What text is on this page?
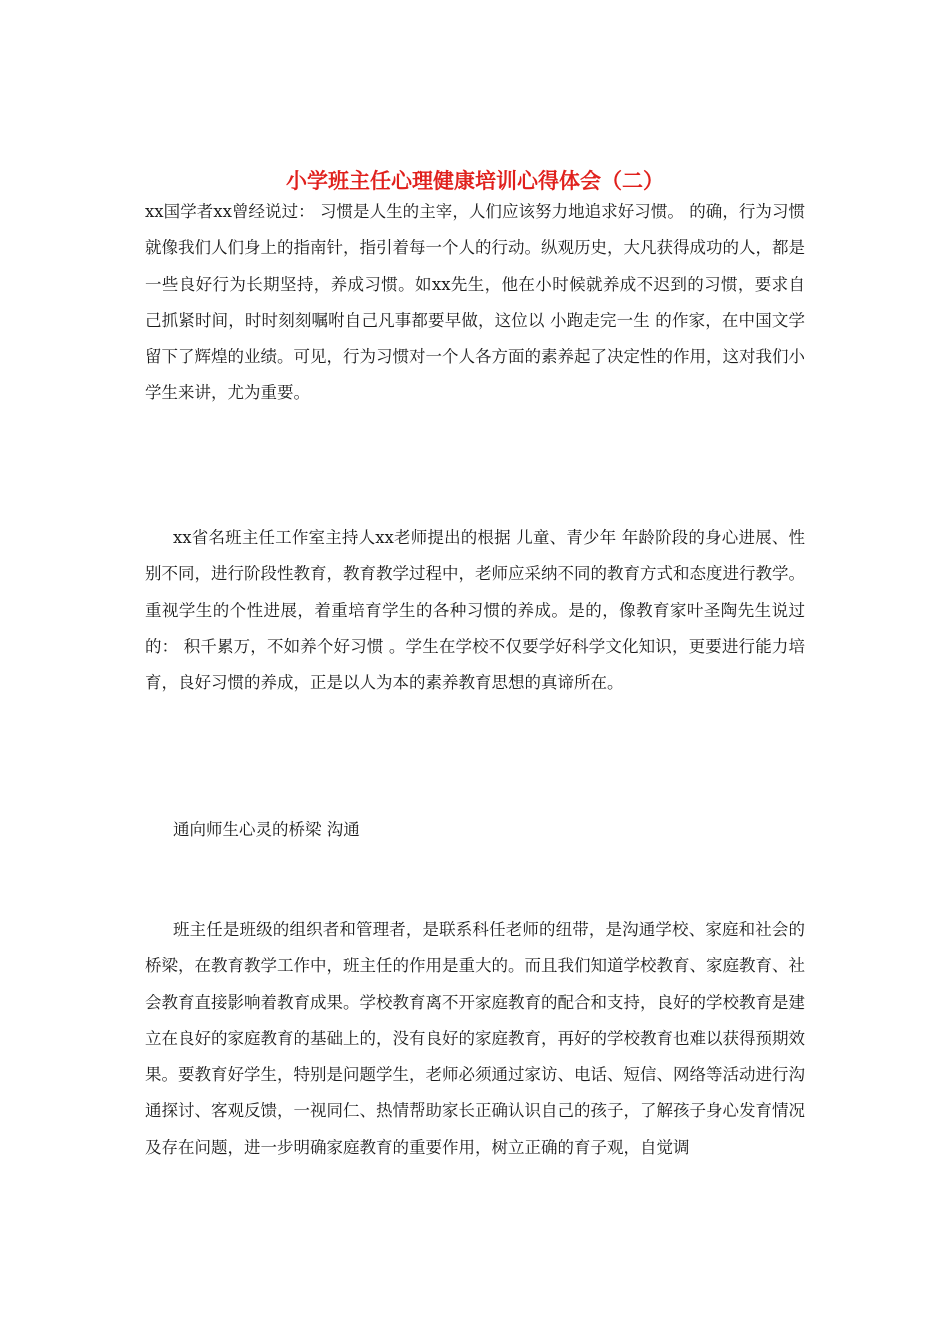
小学班主任心理健康培训心得体会（二）

xx国学者xx曾经说过： 习惯是人生的主宰，人们应该努力地追求好习惯。 的确，行为习惯就像我们人们身上的指南针，指引着每一个人的行动。纵观历史，大凡获得成功的人，都是一些良好行为长期坚持，养成习惯。如xx先生，他在小时候就养成不迟到的习惯，要求自己抓紧时间，时时刻刻嘱咐自己凡事都要早做，这位以 小跑走完一生 的作家，在中国文学留下了辉煌的业绩。可见，行为习惯对一个人各方面的素养起了决定性的作用，这对我们小学生来讲，尤为重要。

xx省名班主任工作室主持人xx老师提出的根据 儿童、青少年 年龄阶段的身心进展、性别不同，进行阶段性教育，教育教学过程中，老师应采纳不同的教育方式和态度进行教学。重视学生的个性进展，着重培育学生的各种习惯的养成。是的，像教育家叶圣陶先生说过的： 积千累万，不如养个好习惯 。学生在学校不仅要学好科学文化知识，更要进行能力培育，良好习惯的养成，正是以人为本的素养教育思想的真谛所在。

通向师生心灵的桥梁 沟通

班主任是班级的组织者和管理者，是联系科任老师的纽带，是沟通学校、家庭和社会的桥梁，在教育教学工作中，班主任的作用是重大的。而且我们知道学校教育、家庭教育、社会教育直接影响着教育成果。学校教育离不开家庭教育的配合和支持，良好的学校教育是建立在良好的家庭教育的基础上的，没有良好的家庭教育，再好的学校教育也难以获得预期效果。要教育好学生，特别是问题学生，老师必须通过家访、电话、短信、网络等活动进行沟通探讨、客观反馈，一视同仁、热情帮助家长正确认识自己的孩子，了解孩子身心发育情况及存在问题，进一步明确家庭教育的重要作用，树立正确的育子观，自觉调
